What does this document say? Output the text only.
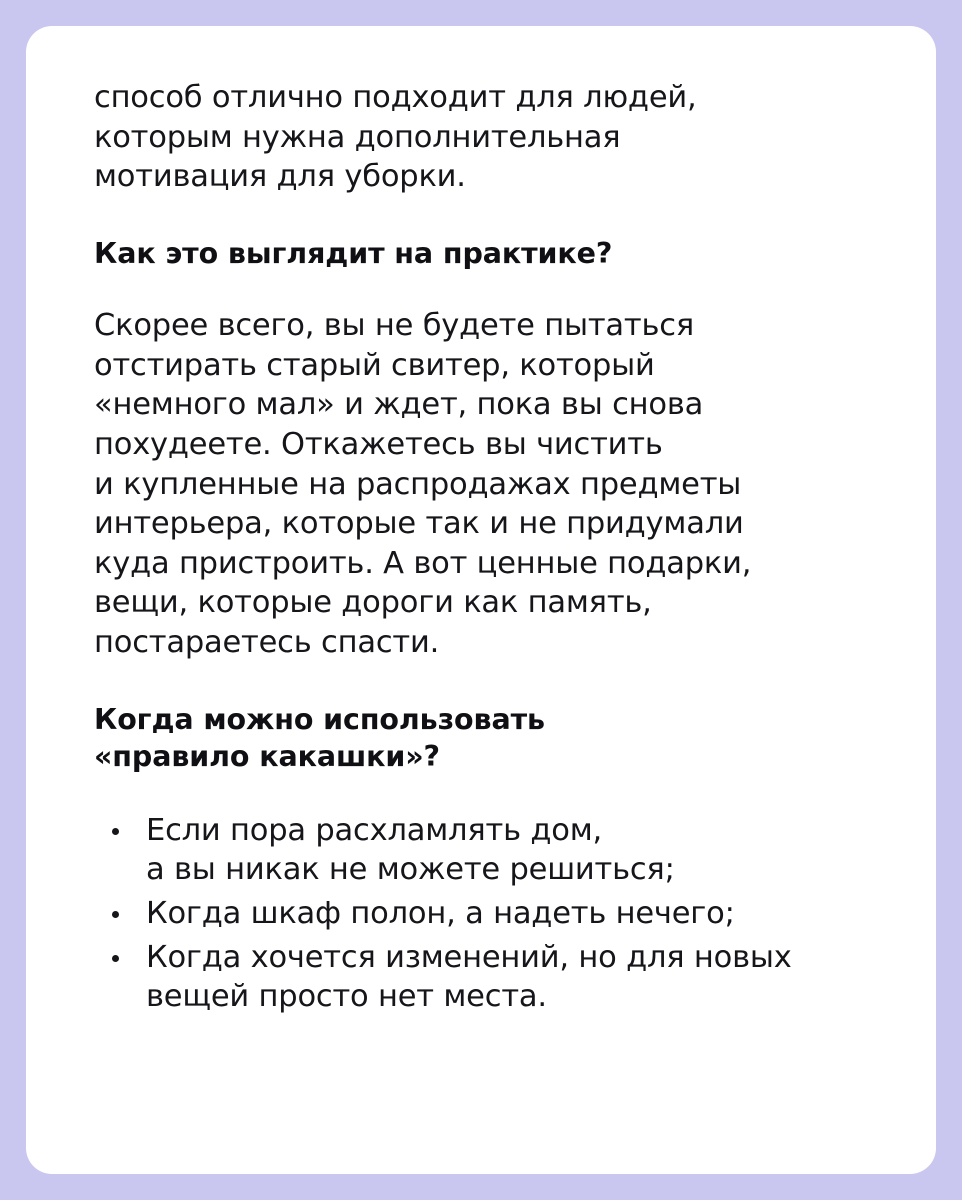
способ отлично подходит для людей,
которым нужна дополнительная
мотивация для уборки.

Как это выглядит на практике?

Скорее всего, вы не будете пытаться
отстирать старый свитер, который
«немного мал» и ждет, пока вы снова
похудеете. Откажетесь вы чистить
и купленные на распродажах предметы
интерьера, которые так и не придумали
куда пристроить. А вот ценные подарки,
вещи, которые дороги как память,
постараетесь спасти.

Когда можно использовать
«правило какашки»?
Если пора расхламлять дом,
а вы никак не можете решиться;
Когда шкаф полон, а надеть нечего;
Когда хочется изменений, но для новых
вещей просто нет места.
